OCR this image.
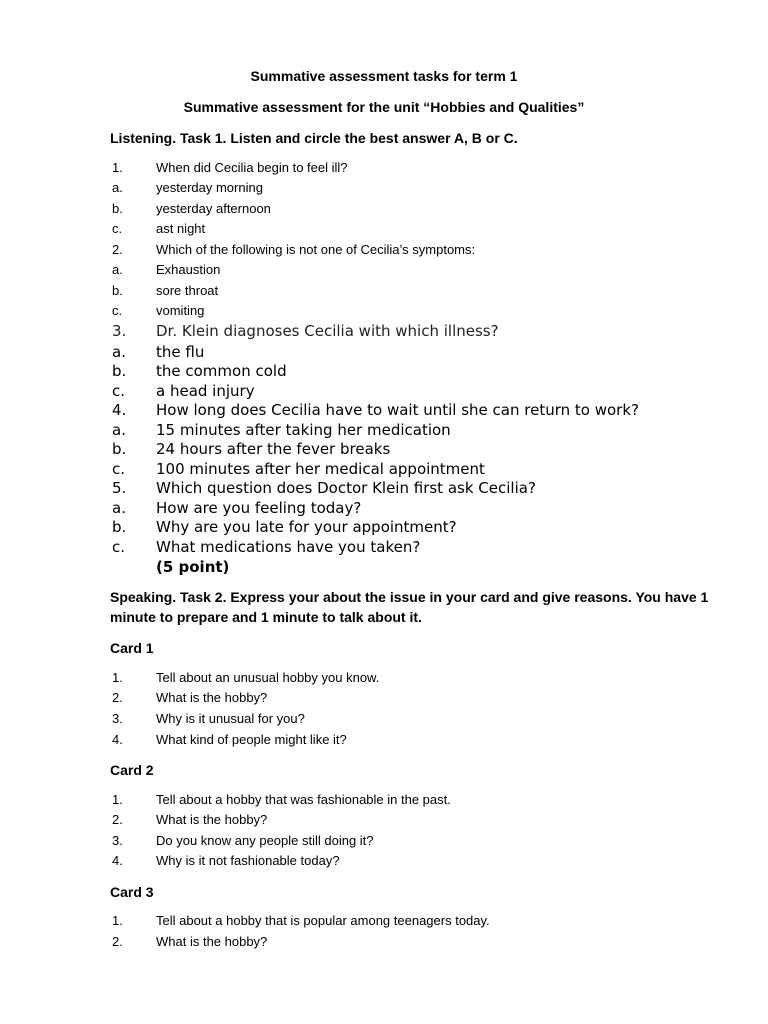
Summative assessment tasks for term 1
Summative assessment for the unit “Hobbies and Qualities”
Listening. Task 1. Listen and circle the best answer A, B or C.
1.	When did Cecilia begin to feel ill?
a.	yesterday morning
b.	yesterday afternoon
c.	ast night
2.	Which of the following is not one of Cecilia’s symptoms:
a.	Exhaustion
b.	sore throat
c.	vomiting
3.	Dr. Klein diagnoses Cecilia with which illness?
a.	the flu
b.	the common cold
c.	a head injury
4.	How long does Cecilia have to wait until she can return to work?
a.	15 minutes after taking her medication
b.	24 hours after the fever breaks
c.	100 minutes after her medical appointment
5.	Which question does Doctor Klein first ask Cecilia?
a.	How are you feeling today?
b.	Why are you late for your appointment?
c.	What medications have you taken?
(5 point)
Speaking. Task 2. Express your about the issue in your card and give reasons. You have 1 minute to prepare and 1 minute to talk about it.
Card 1
1.	Tell about an unusual hobby you know.
2.	What is the hobby?
3.	Why is it unusual for you?
4.	What kind of people might like it?
Card 2
1.	Tell about a hobby that was fashionable in the past.
2.	What is the hobby?
3.	Do you know any people still doing it?
4.	Why is it not fashionable today?
Card 3
1.	Tell about a hobby that is popular among teenagers today.
2.	What is the hobby?
